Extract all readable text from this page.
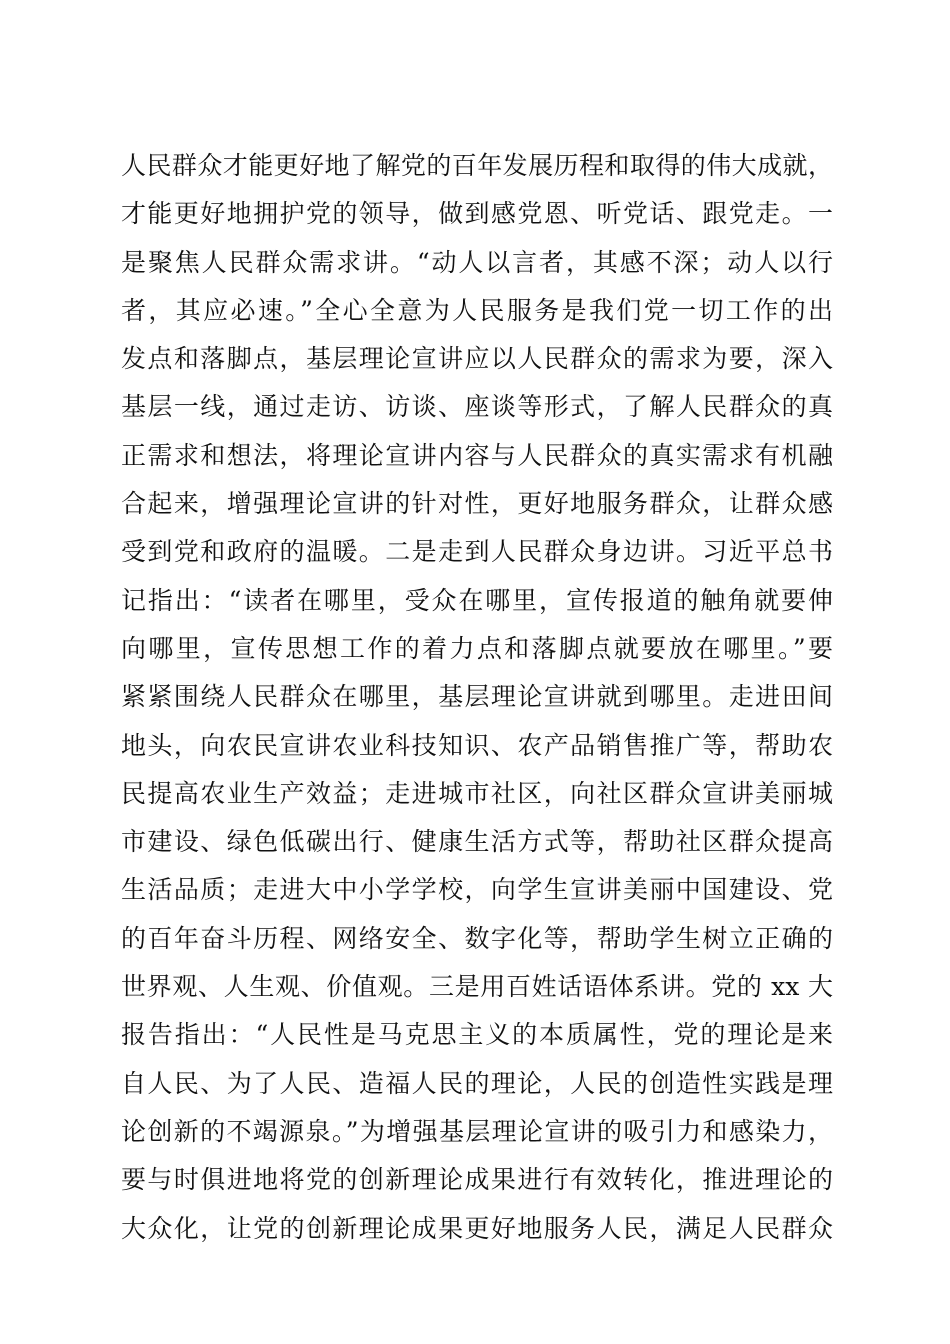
人民群众才能更好地了解党的百年发展历程和取得的伟大成就，
才能更好地拥护党的领导，做到感党恩、听党话、跟党走。一
是聚焦人民群众需求讲。“动人以言者，其感不深；动人以行
者，其应必速。”全心全意为人民服务是我们党一切工作的出
发点和落脚点，基层理论宣讲应以人民群众的需求为要，深入
基层一线，通过走访、访谈、座谈等形式，了解人民群众的真
正需求和想法，将理论宣讲内容与人民群众的真实需求有机融
合起来，增强理论宣讲的针对性，更好地服务群众，让群众感
受到党和政府的温暖。二是走到人民群众身边讲。习近平总书
记指出：“读者在哪里，受众在哪里，宣传报道的触角就要伸
向哪里，宣传思想工作的着力点和落脚点就要放在哪里。”要
紧紧围绕人民群众在哪里，基层理论宣讲就到哪里。走进田间
地头，向农民宣讲农业科技知识、农产品销售推广等，帮助农
民提高农业生产效益；走进城市社区，向社区群众宣讲美丽城
市建设、绿色低碳出行、健康生活方式等，帮助社区群众提高
生活品质；走进大中小学学校，向学生宣讲美丽中国建设、党
的百年奋斗历程、网络安全、数字化等，帮助学生树立正确的
世界观、人生观、价值观。三是用百姓话语体系讲。党的 xx 大
报告指出：“人民性是马克思主义的本质属性，党的理论是来
自人民、为了人民、造福人民的理论，人民的创造性实践是理
论创新的不竭源泉。”为增强基层理论宣讲的吸引力和感染力，
要与时俱进地将党的创新理论成果进行有效转化，推进理论的
大众化，让党的创新理论成果更好地服务人民，满足人民群众
